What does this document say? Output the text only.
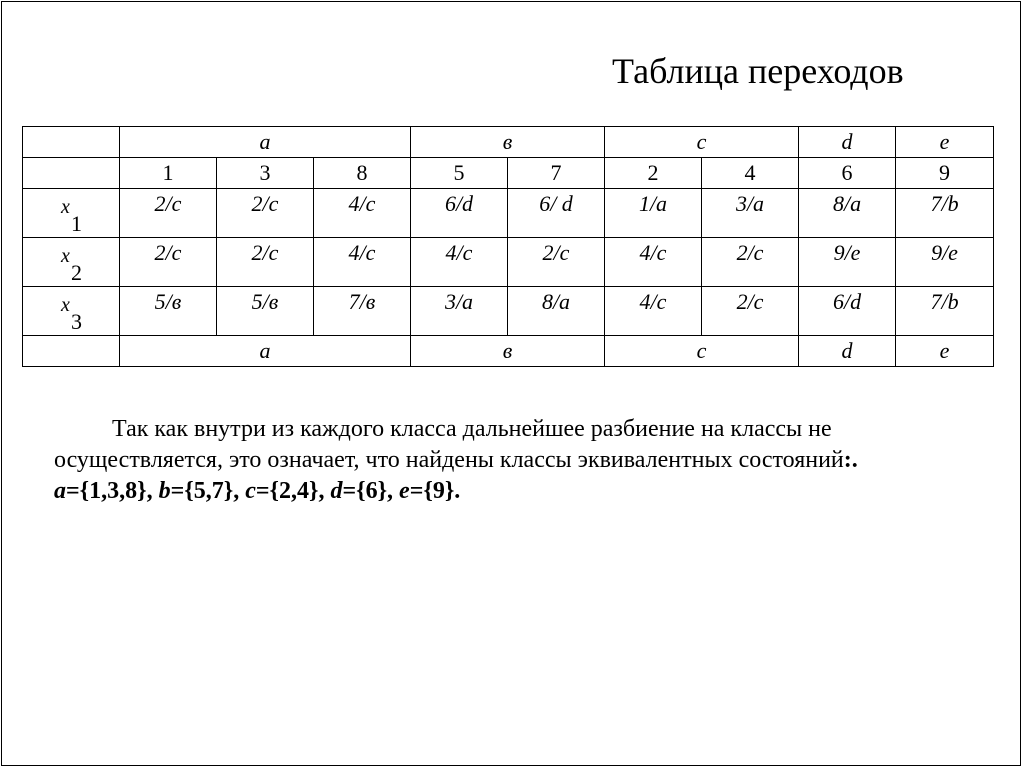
Таблица переходов
	a			в		c		d	e
	1	3	8	5	7	2	4	6	9

x
1	2/c	2/c	4/c	6/d	6/ d	1/a	3/a	8/a	7/b

x
2	2/c	2/c	4/c	4/c	2/c	4/c	2/c	9/e	9/e

x
3	5/в	5/в	7/в	3/a	8/a	4/c	2/c	6/d	7/b
	a			в		c		d	e
Так как внутри из каждого класса дальнейшее разбиение на классы не
осуществляется, это означает, что найдены классы эквивалентных состояний:.
a={1,3,8}, b={5,7}, c={2,4}, d={6}, e={9}.
